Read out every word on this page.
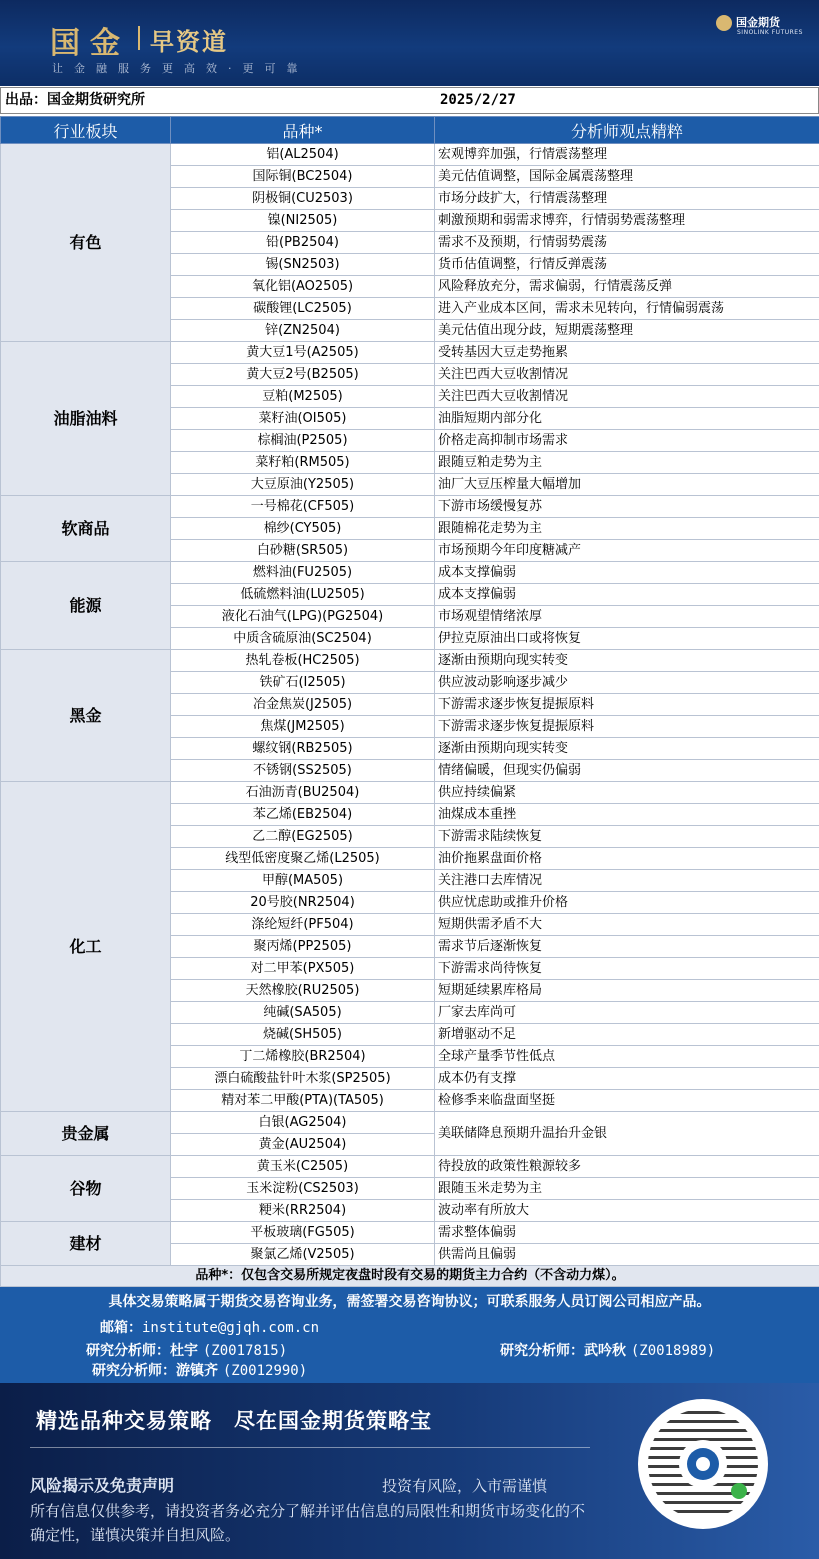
国金 早资道
让金融服务更高效·更可靠
国金期货
SINOLINK FUTURES
出品：国金期货研究所	2025/2/27
行业板块	品种*	分析师观点精粹
有色	铝(AL2504)	宏观博弈加强，行情震荡整理
	国际铜(BC2504)	美元估值调整，国际金属震荡整理
	阴极铜(CU2503)	市场分歧扩大，行情震荡整理
	镍(NI2505)	刺激预期和弱需求博弈，行情弱势震荡整理
	铅(PB2504)	需求不及预期，行情弱势震荡
	锡(SN2503)	货币估值调整，行情反弹震荡
	氧化铝(AO2505)	风险释放充分，需求偏弱，行情震荡反弹
	碳酸锂(LC2505)	进入产业成本区间，需求未见转向，行情偏弱震荡
	锌(ZN2504)	美元估值出现分歧，短期震荡整理
油脂油料	黄大豆1号(A2505)	受转基因大豆走势拖累
	黄大豆2号(B2505)	关注巴西大豆收割情况
	豆粕(M2505)	关注巴西大豆收割情况
	菜籽油(OI505)	油脂短期内部分化
	棕榈油(P2505)	价格走高抑制市场需求
	菜籽粕(RM505)	跟随豆粕走势为主
	大豆原油(Y2505)	油厂大豆压榨量大幅增加
软商品	一号棉花(CF505)	下游市场缓慢复苏
	棉纱(CY505)	跟随棉花走势为主
	白砂糖(SR505)	市场预期今年印度糖减产
能源	燃料油(FU2505)	成本支撑偏弱
	低硫燃料油(LU2505)	成本支撑偏弱
	液化石油气(LPG)(PG2504)	市场观望情绪浓厚
	中质含硫原油(SC2504)	伊拉克原油出口或将恢复
黑金	热轧卷板(HC2505)	逐渐由预期向现实转变
	铁矿石(I2505)	供应波动影响逐步减少
	冶金焦炭(J2505)	下游需求逐步恢复提振原料
	焦煤(JM2505)	下游需求逐步恢复提振原料
	螺纹钢(RB2505)	逐渐由预期向现实转变
	不锈钢(SS2505)	情绪偏暖，但现实仍偏弱
化工	石油沥青(BU2504)	供应持续偏紧
	苯乙烯(EB2504)	油煤成本重挫
	乙二醇(EG2505)	下游需求陆续恢复
	线型低密度聚乙烯(L2505)	油价拖累盘面价格
	甲醇(MA505)	关注港口去库情况
	20号胶(NR2504)	供应忧虑助或推升价格
	涤纶短纤(PF504)	短期供需矛盾不大
	聚丙烯(PP2505)	需求节后逐渐恢复
	对二甲苯(PX505)	下游需求尚待恢复
	天然橡胶(RU2505)	短期延续累库格局
	纯碱(SA505)	厂家去库尚可
	烧碱(SH505)	新增驱动不足
	丁二烯橡胶(BR2504)	全球产量季节性低点
	漂白硫酸盐针叶木浆(SP2505)	成本仍有支撑
	精对苯二甲酸(PTA)(TA505)	检修季来临盘面坚挺
贵金属	白银(AG2504)	美联储降息预期升温抬升金银
	黄金(AU2504)	
谷物	黄玉米(C2505)	待投放的政策性粮源较多
	玉米淀粉(CS2503)	跟随玉米走势为主
	粳米(RR2504)	波动率有所放大
建材	平板玻璃(FG505)	需求整体偏弱
	聚氯乙烯(V2505)	供需尚且偏弱
品种*：仅包含交易所规定夜盘时段有交易的期货主力合约（不含动力煤）。		
具体交易策略属于期货交易咨询业务，需签署交易咨询协议；可联系服务人员订阅公司相应产品。
邮箱：institute@gjqh.com.cn
研究分析师：杜宇 (Z0017815)	研究分析师：武吟秋 (Z0018989)
研究分析师：游镇齐 (Z0012990)
精选品种交易策略　尽在国金期货策略宝
风险揭示及免责声明	投资有风险，入市需谨慎
所有信息仅供参考，请投资者务必充分了解并评估信息的局限性和期货市场变化的不确定性，谨慎决策并自担风险。
